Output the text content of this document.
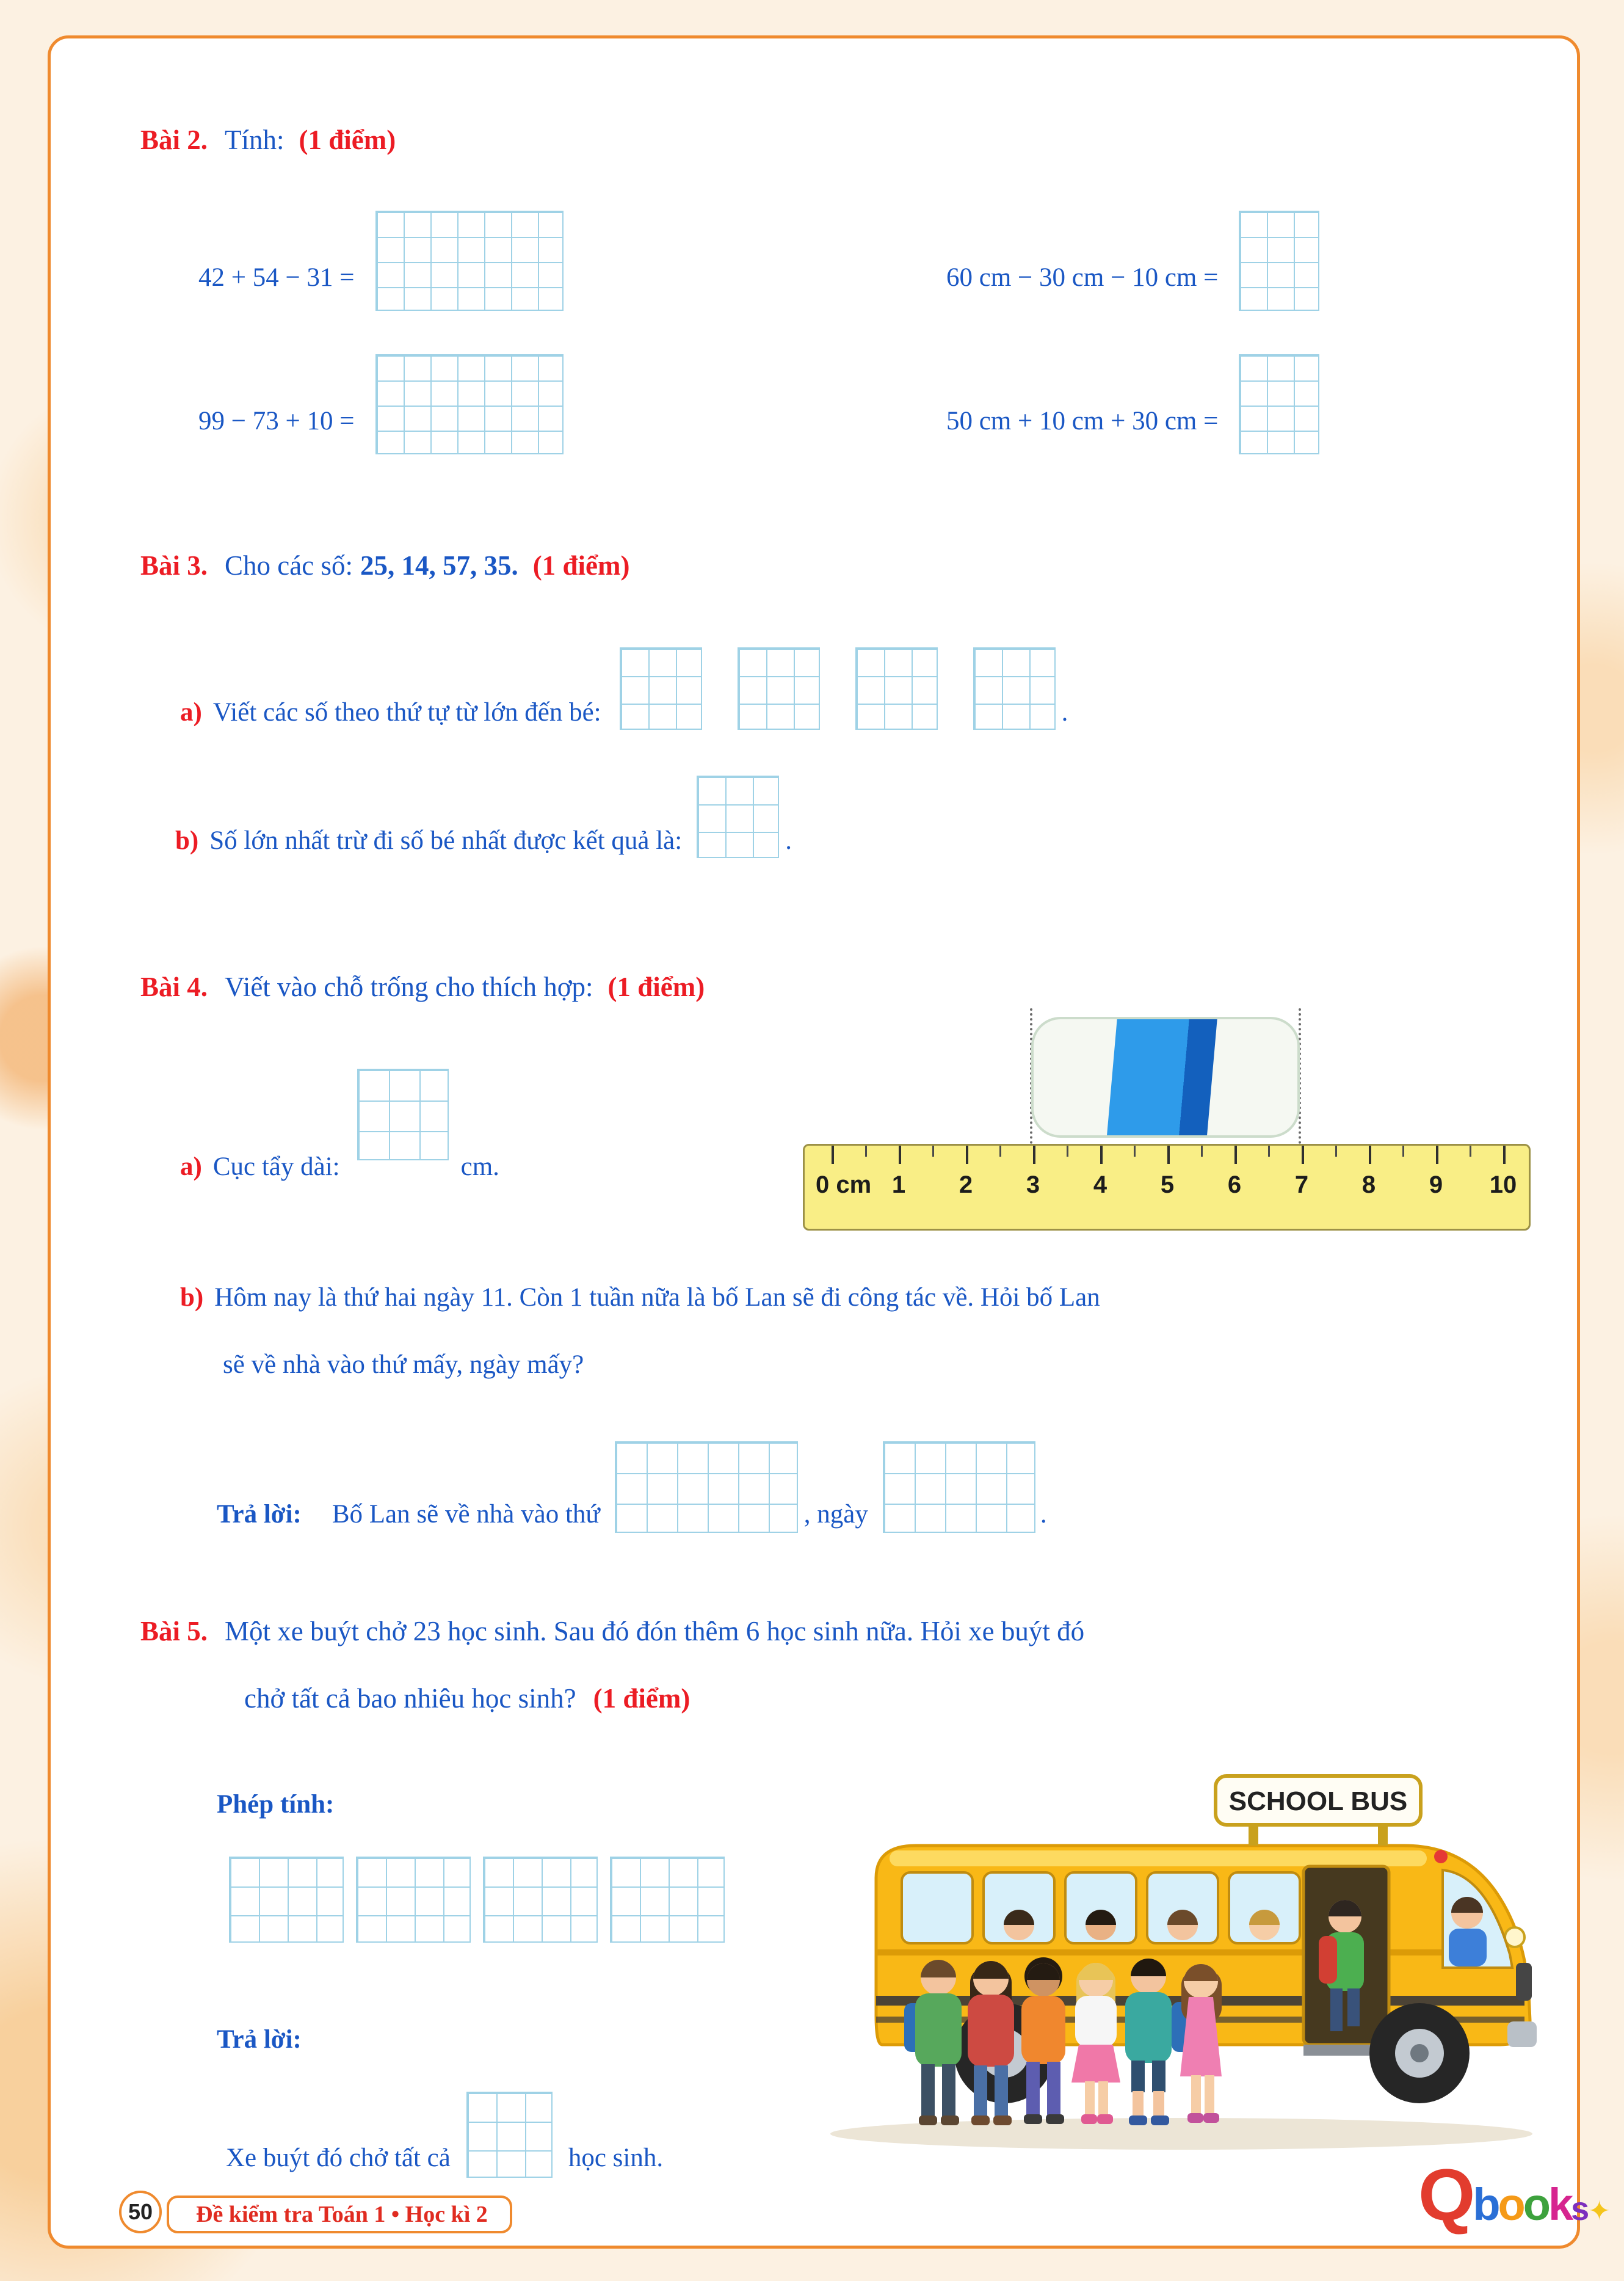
Bài 2. Tính: (1 điểm)
42 + 54 − 31 =	60 cm − 30 cm − 10 cm =
99 − 73 + 10 =	50 cm + 10 cm + 30 cm =
Bài 3. Cho các số: 25, 14, 57, 35. (1 điểm)
a) Viết các số theo thứ tự từ lớn đến bé:	.
b) Số lớn nhất trừ đi số bé nhất được kết quả là:	.
Bài 4. Viết vào chỗ trống cho thích hợp: (1 điểm)
0 cm 1 2 3 4 5 6 7 8 9 10
a) Cục tẩy dài:	cm.
b) Hôm nay là thứ hai ngày 11. Còn 1 tuần nữa là bố Lan sẽ đi công tác về. Hỏi bố Lan
sẽ về nhà vào thứ mấy, ngày mấy?
Trả lời: Bố Lan sẽ về nhà vào thứ	, ngày	.
Bài 5. Một xe buýt chở 23 học sinh. Sau đó đón thêm 6 học sinh nữa. Hỏi xe buýt đó
chở tất cả bao nhiêu học sinh? (1 điểm)
Phép tính:
Trả lời:
SCHOOL BUS
Xe buýt đó chở tất cả	học sinh.
50 Đề kiểm tra Toán 1 • Học kì 2	Q b o o k s ✦
